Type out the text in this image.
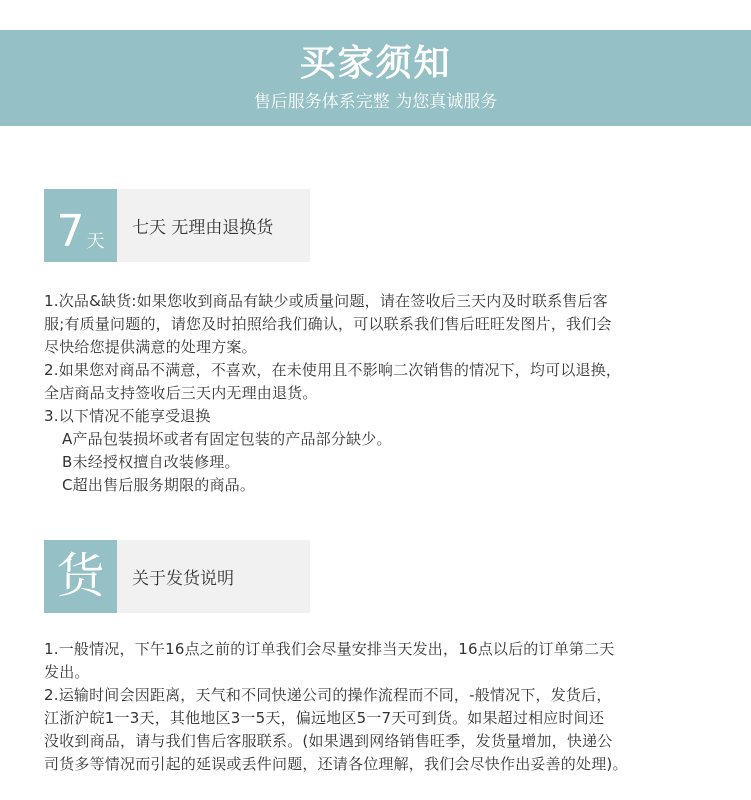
买家须知
售后服务体系完整 为您真诚服务
7 天
七天 无理由退换货

1.次品&缺货:如果您收到商品有缺少或质量问题，请在签收后三天内及时联系售后客

服;有质量问题的，请您及时拍照给我们确认，可以联系我们售后旺旺发图片，我们会

尽快给您提供满意的处理方案。

2.如果您对商品不满意，不喜欢，在未使用且不影响二次销售的情况下，均可以退换，

全店商品支持签收后三天内无理由退货。

3.以下情况不能享受退换

A产品包装损坏或者有固定包装的产品部分缺少。

B未经授权擅自改装修理。

C超出售后服务期限的商品。

货 关于发货说明

1.一般情况，下午16点之前的订单我们会尽量安排当天发出，16点以后的订单第二天

发出。

2.运输时间会因距离，天气和不同快递公司的操作流程而不同，-般情况下，发货后，

江浙沪皖1一3天，其他地区3一5天，偏远地区5一7天可到货。如果超过相应时间还

没收到商品，请与我们售后客服联系。(如果遇到网络销售旺季，发货量增加，快递公

司货多等情况而引起的延误或丢件问题，还请各位理解，我们会尽快作出妥善的处理)。
